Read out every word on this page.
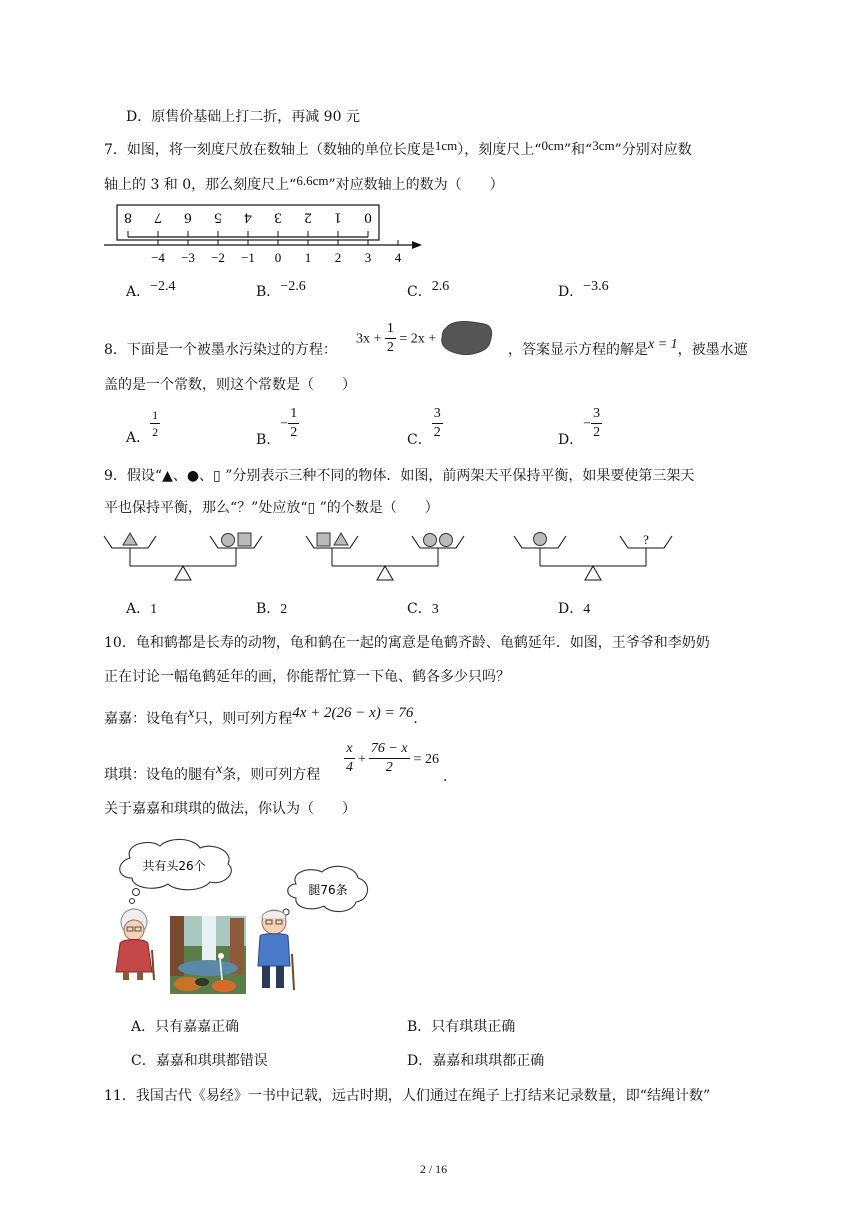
D．原售价基础上打二折，再减 90 元
7．如图，将一刻度尺放在数轴上（数轴的单位长度是1cm），刻度尺上“0cm”和“3cm”分别对应数
轴上的 3 和 0，那么刻度尺上“6.6cm”对应数轴上的数为（　　）
8 7 6 5 4 3 2 1 0
−4 −3 −2 −1 0 1 2 3 4
A．−2.4	B．−2.6	C．2.6	D．−3.6
8．下面是一个被墨水污染过的方程：
$3x + \frac{1}{2} = 2x$ +
，答案显示方程的解是x = 1，被墨水遮
盖的是一个常数，则这个常数是（　　）
A． $\frac{1}{2}$
B．− $\frac{1}{2}$	C． $\frac{3}{2}$	D．− $\frac{3}{2}$
9．假设“▲、●、▯ ”分别表示三种不同的物体．如图，前两架天平保持平衡，如果要使第三架天
平也保持平衡，那么“？”处应放“▯ ”的个数是（　　）
?
A．1	B．2	C．3	D．4
10．龟和鹤都是长寿的动物，龟和鹤在一起的寓意是龟鹤齐龄、龟鹤延年．如图，王爷爷和李奶奶
正在讨论一幅龟鹤延年的画，你能帮忙算一下龟、鹤各多少只吗？
嘉嘉：设龟有x只，则可列方程4x + 2(26 − x) = 76．
琪琪：设龟的腿有x条，则可列方程 $\frac{x}{4} + \frac{76 - x}{2} = 26$
．
关于嘉嘉和琪琪的做法，你认为（　　）
共有头26个
腿76条
A．只有嘉嘉正确	B．只有琪琪正确
C．嘉嘉和琪琪都错误	D．嘉嘉和琪琪都正确
11．我国古代《易经》一书中记载，远古时期，人们通过在绳子上打结来记录数量，即“结绳计数”
2 / 16
